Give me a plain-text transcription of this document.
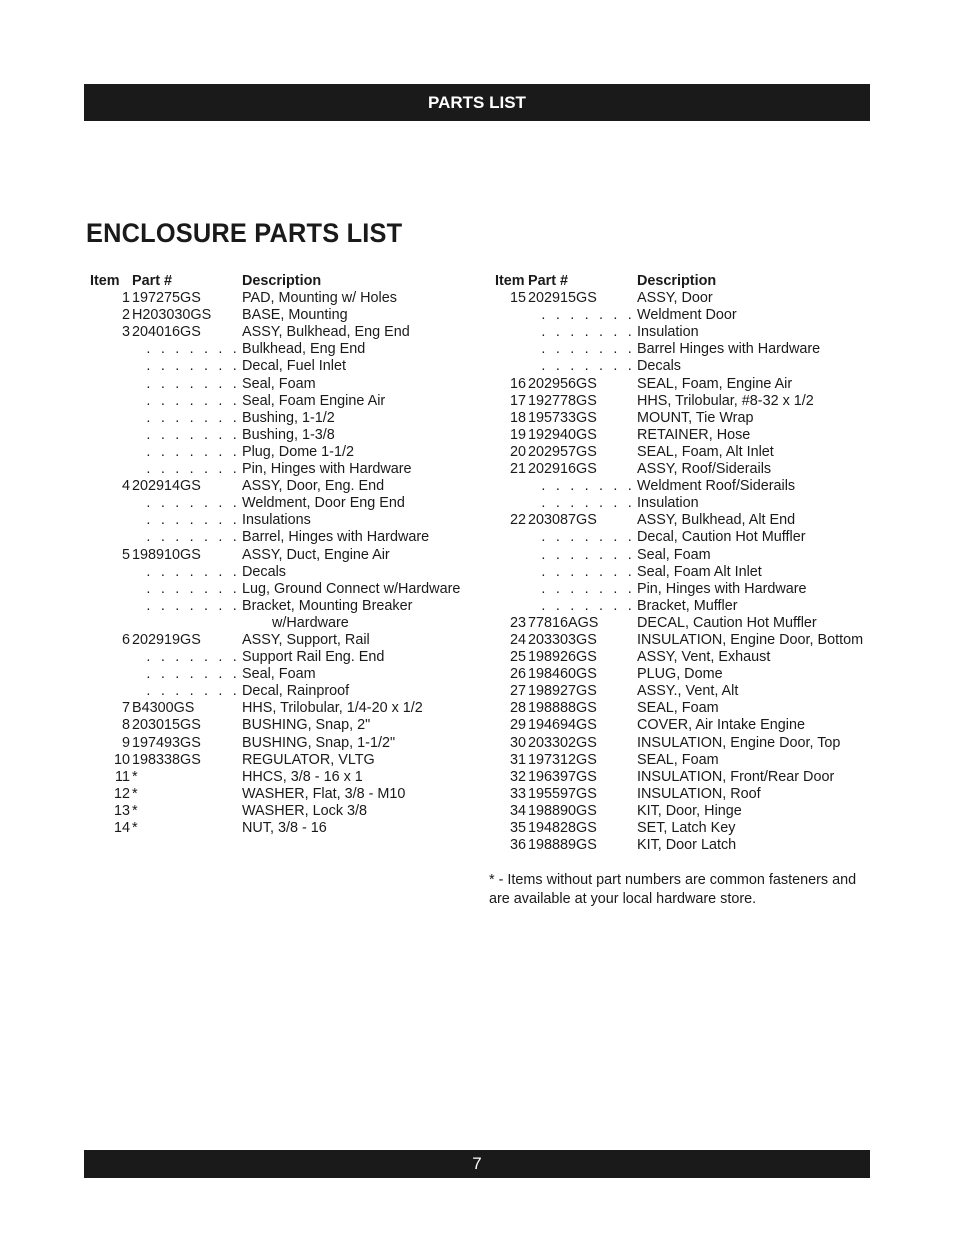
PARTS LIST
ENCLOSURE PARTS LIST
Item	Part #	Description
1	197275GS	PAD, Mounting w/ Holes
2	H203030GS	BASE, Mounting
3	204016GS	ASSY, Bulkhead, Eng End
. . . . . . .		Bulkhead, Eng End
. . . . . . .		Decal, Fuel Inlet
. . . . . . .		Seal, Foam
. . . . . . .		Seal, Foam Engine Air
. . . . . . .		Bushing, 1-1/2
. . . . . . .		Bushing, 1-3/8
. . . . . . .		Plug, Dome 1-1/2
. . . . . . .		Pin, Hinges with Hardware
4	202914GS	ASSY, Door, Eng. End
. . . . . . .		Weldment, Door Eng End
. . . . . . .		Insulations
. . . . . . .		Barrel, Hinges with Hardware
5	198910GS	ASSY, Duct, Engine Air
. . . . . . .		Decals
. . . . . . .		Lug, Ground Connect w/Hardware
. . . . . . .		Bracket, Mounting Breaker
		w/Hardware
6	202919GS	ASSY, Support, Rail
. . . . . . .		Support Rail Eng. End
. . . . . . .		Seal, Foam
. . . . . . .		Decal, Rainproof
7	B4300GS	HHS, Trilobular, 1/4-20 x 1/2
8	203015GS	BUSHING, Snap, 2"
9	197493GS	BUSHING, Snap, 1-1/2"
10	198338GS	REGULATOR, VLTG
11	*	HHCS, 3/8 - 16 x 1
12	*	WASHER, Flat, 3/8 - M10
13	*	WASHER, Lock 3/8
14	*	NUT, 3/8 - 16
Item	Part #	Description
15	202915GS	ASSY, Door
. . . . . . .		Weldment Door
. . . . . . .		Insulation
. . . . . . .		Barrel Hinges with Hardware
. . . . . . .		Decals
16	202956GS	SEAL, Foam, Engine Air
17	192778GS	HHS, Trilobular, #8-32 x 1/2
18	195733GS	MOUNT, Tie Wrap
19	192940GS	RETAINER, Hose
20	202957GS	SEAL, Foam, Alt Inlet
21	202916GS	ASSY, Roof/Siderails
. . . . . . .		Weldment Roof/Siderails
. . . . . . .		Insulation
22	203087GS	ASSY, Bulkhead, Alt End
. . . . . . .		Decal, Caution Hot Muffler
. . . . . . .		Seal, Foam
. . . . . . .		Seal, Foam Alt Inlet
. . . . . . .		Pin, Hinges with Hardware
. . . . . . .		Bracket, Muffler
23	77816AGS	DECAL, Caution Hot Muffler
24	203303GS	INSULATION, Engine Door, Bottom
25	198926GS	ASSY, Vent, Exhaust
26	198460GS	PLUG, Dome
27	198927GS	ASSY., Vent, Alt
28	198888GS	SEAL, Foam
29	194694GS	COVER, Air Intake Engine
30	203302GS	INSULATION, Engine Door, Top
31	197312GS	SEAL, Foam
32	196397GS	INSULATION, Front/Rear Door
33	195597GS	INSULATION, Roof
34	198890GS	KIT, Door, Hinge
35	194828GS	SET, Latch Key
36	198889GS	KIT, Door Latch

* - Items without part numbers are common fasteners and are available at your local hardware store.

7
